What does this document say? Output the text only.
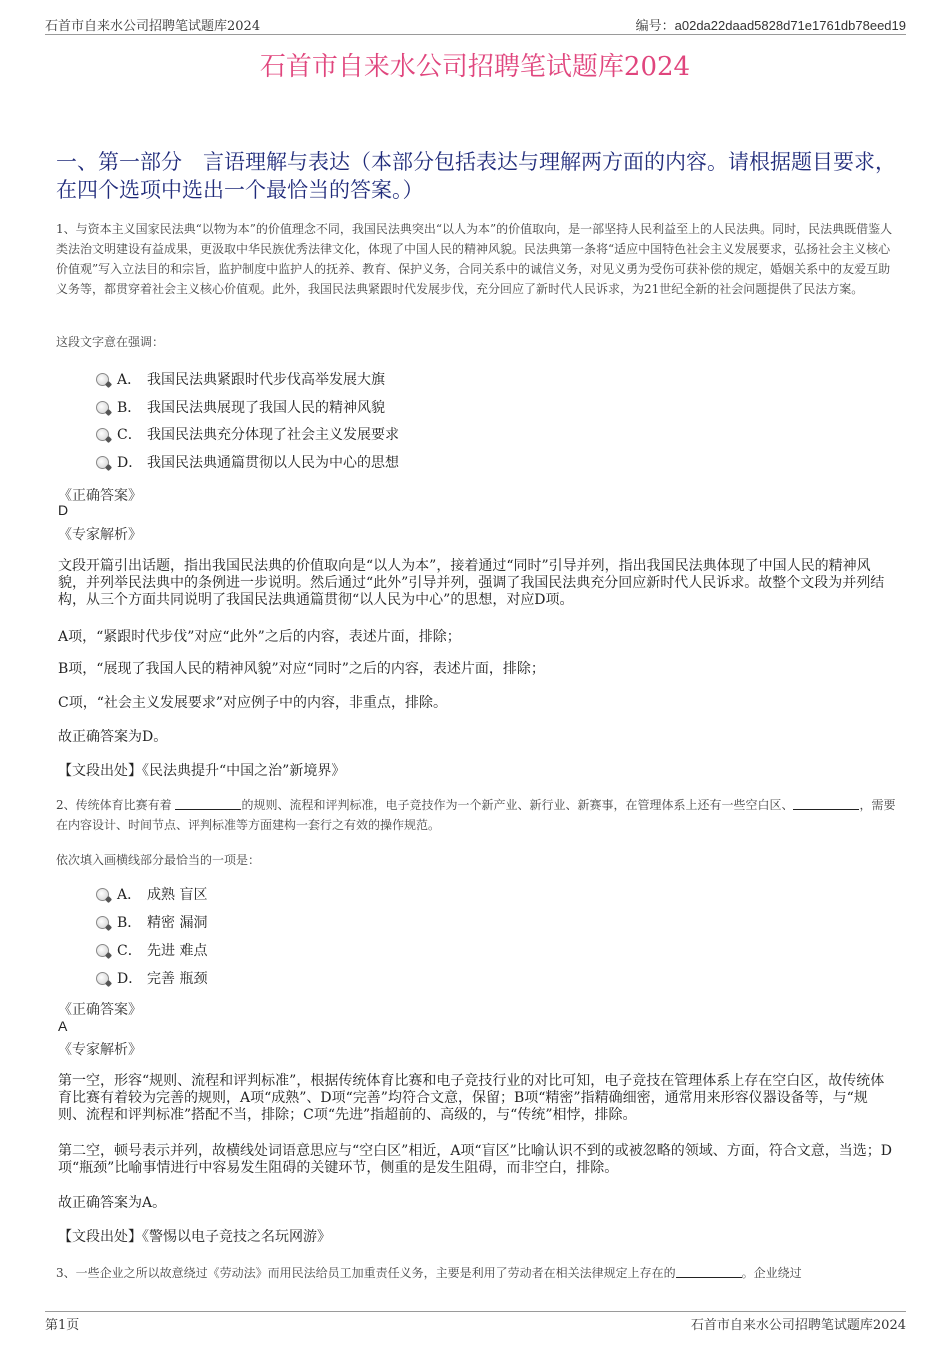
石首市自来水公司招聘笔试题库2024	编号：a02da22daad5828d71e1761db78eed19
石首市自来水公司招聘笔试题库2024
一、第一部分　言语理解与表达（本部分包括表达与理解两方面的内容。请根据题目要求，在四个选项中选出一个最恰当的答案。）
1、与资本主义国家民法典“以物为本”的价值理念不同，我国民法典突出“以人为本”的价值取向，是一部坚持人民利益至上的人民法典。同时，民法典既借鉴人类法治文明建设有益成果，更汲取中华民族优秀法律文化，体现了中国人民的精神风貌。民法典第一条将“适应中国特色社会主义发展要求，弘扬社会主义核心价值观”写入立法目的和宗旨，监护制度中监护人的抚养、教育、保护义务，合同关系中的诚信义务，对见义勇为受伤可获补偿的规定，婚姻关系中的友爱互助义务等，都贯穿着社会主义核心价值观。此外，我国民法典紧跟时代发展步伐，充分回应了新时代人民诉求，为21世纪全新的社会问题提供了民法方案。
这段文字意在强调：
A． 我国民法典紧跟时代步伐高举发展大旗
B． 我国民法典展现了我国人民的精神风貌
C． 我国民法典充分体现了社会主义发展要求
D． 我国民法典通篇贯彻以人民为中心的思想
《正确答案》
D
《专家解析》
文段开篇引出话题，指出我国民法典的价值取向是“以人为本”，接着通过“同时”引导并列，指出我国民法典体现了中国人民的精神风貌，并列举民法典中的条例进一步说明。然后通过“此外”引导并列，强调了我国民法典充分回应新时代人民诉求。故整个文段为并列结构，从三个方面共同说明了我国民法典通篇贯彻“以人民为中心”的思想，对应D项。
A项，“紧跟时代步伐”对应“此外”之后的内容，表述片面，排除；
B项，“展现了我国人民的精神风貌”对应“同时”之后的内容，表述片面，排除；
C项，“社会主义发展要求”对应例子中的内容，非重点，排除。
故正确答案为D。
【文段出处】《民法典提升“中国之治”新境界》
2、传统体育比赛有着	的规则、流程和评判标准，电子竞技作为一个新产业、新行业、新赛事，在管理体系上还有一些空白区、	，需要在内容设计、时间节点、评判标准等方面建构一套行之有效的操作规范。
依次填入画横线部分最恰当的一项是：
A． 成熟 盲区
B． 精密 漏洞
C． 先进 难点
D． 完善 瓶颈
《正确答案》
A
《专家解析》
第一空，形容“规则、流程和评判标准”，根据传统体育比赛和电子竞技行业的对比可知，电子竞技在管理体系上存在空白区，故传统体育比赛有着较为完善的规则，A项“成熟”、D项“完善”均符合文意，保留；B项“精密”指精确细密，通常用来形容仪器设备等，与“规则、流程和评判标准”搭配不当，排除；C项“先进”指超前的、高级的，与“传统”相悖，排除。
第二空，顿号表示并列，故横线处词语意思应与“空白区”相近，A项“盲区”比喻认识不到的或被忽略的领域、方面，符合文意，当选；D项“瓶颈”比喻事情进行中容易发生阻碍的关键环节，侧重的是发生阻碍，而非空白，排除。
故正确答案为A。
【文段出处】《警惕以电子竞技之名玩网游》
3、一些企业之所以故意绕过《劳动法》而用民法给员工加重责任义务，主要是利用了劳动者在相关法律规定上存在的	。企业绕过
第1页	石首市自来水公司招聘笔试题库2024
